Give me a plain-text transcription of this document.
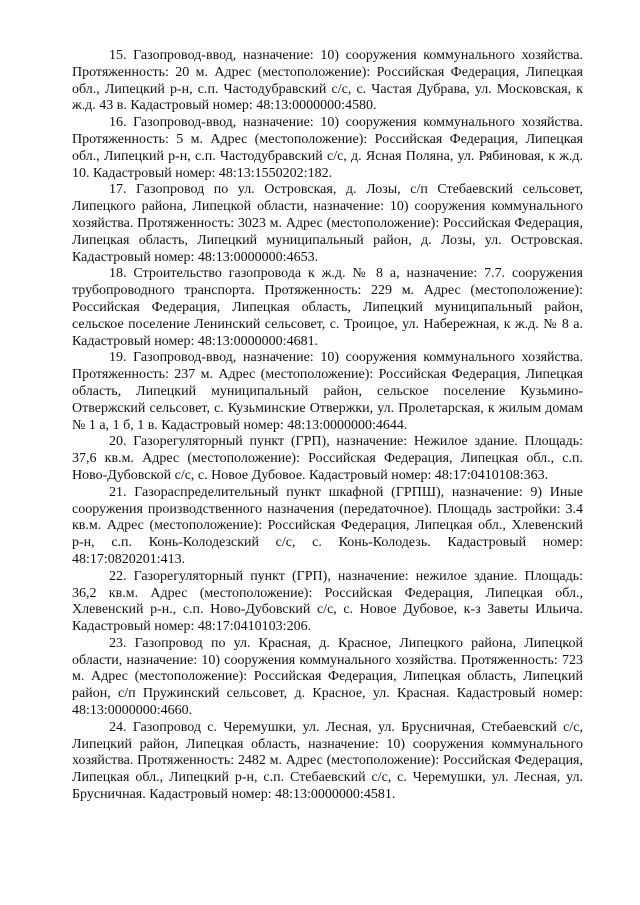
15. Газопровод-ввод, назначение: 10) сооружения коммунального хозяйства. Протяженность: 20 м. Адрес (местоположение): Российская Федерация, Липецкая обл., Липецкий р-н, с.п. Частодубравский с/с, с. Частая Дубрава, ул. Московская, к ж.д. 43 в. Кадастровый номер: 48:13:0000000:4580.

16. Газопровод-ввод, назначение: 10) сооружения коммунального хозяйства. Протяженность: 5 м. Адрес (местоположение): Российская Федерация, Липецкая обл., Липецкий р-н, с.п. Частодубравский с/с, д. Ясная Поляна, ул. Рябиновая, к ж.д. 10. Кадастровый номер: 48:13:1550202:182.

17. Газопровод по ул. Островская, д. Лозы, с/п Стебаевский сельсовет, Липецкого района, Липецкой области, назначение: 10) сооружения коммунального хозяйства. Протяженность: 3023 м. Адрес (местоположение): Российская Федерация, Липецкая область, Липецкий муниципальный район, д. Лозы, ул. Островская. Кадастровый номер: 48:13:0000000:4653.

18. Строительство газопровода к ж.д. № 8 а, назначение: 7.7. сооружения трубопроводного транспорта. Протяженность: 229 м. Адрес (местоположение): Российская Федерация, Липецкая область, Липецкий муниципальный район, сельское поселение Ленинский сельсовет, с. Троицое, ул. Набережная, к ж.д. № 8 а. Кадастровый номер: 48:13:0000000:4681.

19. Газопровод-ввод, назначение: 10) сооружения коммунального хозяйства. Протяженность: 237 м. Адрес (местоположение): Российская Федерация, Липецкая область, Липецкий муниципальный район, сельское поселение Кузьмино-Отвержский сельсовет, с. Кузьминские Отвержки, ул. Пролетарская, к жилым домам № 1 а, 1 б, 1 в. Кадастровый номер: 48:13:0000000:4644.

20. Газорегуляторный пункт (ГРП), назначение: Нежилое здание. Площадь: 37,6 кв.м. Адрес (местоположение): Российская Федерация, Липецкая обл., с.п. Ново-Дубовской с/с, с. Новое Дубовое. Кадастровый номер: 48:17:0410108:363.

21. Газораспределительный пункт шкафной (ГРПШ), назначение: 9) Иные сооружения производственного назначения (передаточное). Площадь застройки: 3.4 кв.м. Адрес (местоположение): Российская Федерация, Липецкая обл., Хлевенский р-н, с.п. Конь-Колодезский с/с, с. Конь-Колодезь. Кадастровый номер: 48:17:0820201:413.

22. Газорегуляторный пункт (ГРП), назначение: нежилое здание. Площадь: 36,2 кв.м. Адрес (местоположение): Российская Федерация, Липецкая обл., Хлевенский р-н., с.п. Ново-Дубовский с/с, с. Новое Дубовое, к-з Заветы Ильича. Кадастровый номер: 48:17:0410103:206.

23. Газопровод по ул. Красная, д. Красное, Липецкого района, Липецкой области, назначение: 10) сооружения коммунального хозяйства. Протяженность: 723 м. Адрес (местоположение): Российская Федерация, Липецкая область, Липецкий район, с/п Пружинский сельсовет, д. Красное, ул. Красная. Кадастровый номер: 48:13:0000000:4660.

24. Газопровод с. Черемушки, ул. Лесная, ул. Брусничная, Стебаевский с/с, Липецкий район, Липецкая область, назначение: 10) сооружения коммунального хозяйства. Протяженность: 2482 м. Адрес (местоположение): Российская Федерация, Липецкая обл., Липецкий р-н, с.п. Стебаевский с/с, с. Черемушки, ул. Лесная, ул. Брусничная. Кадастровый номер: 48:13:0000000:4581.
